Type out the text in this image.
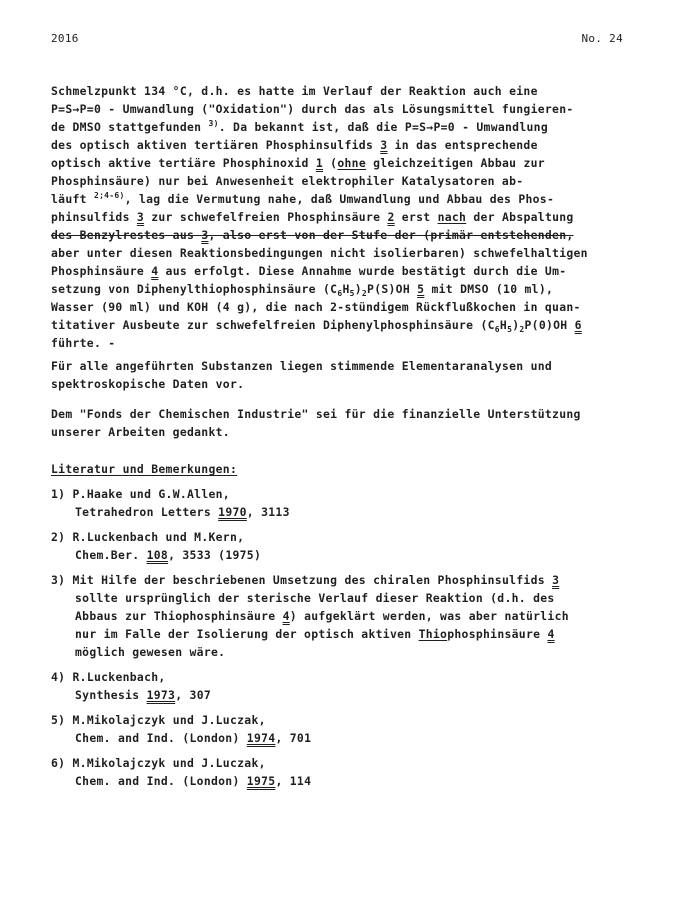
2016	No. 24
Schmelzpunkt 134 °C, d.h. es hatte im Verlauf der Reaktion auch eine
P=S→P=0 - Umwandlung ("Oxidation") durch das als Lösungsmittel fungieren-
de DMSO stattgefunden $^{3)}$. Da bekannt ist, daß die P=S→P=0 - Umwandlung
des optisch aktiven tertiären Phosphinsulfids 3 in das entsprechende
optisch aktive tertiäre Phosphinoxid 1 (ohne gleichzeitigen Abbau zur
Phosphinsäure) nur bei Anwesenheit elektrophiler Katalysatoren ab-
läuft $^{2;4-6)}$, lag die Vermutung nahe, daß Umwandlung und Abbau des Phos-
phinsulfids 3 zur schwefelfreien Phosphinsäure 2 erst nach der Abspaltung
des Benzylrestes aus 3, also erst von der Stufe der (primär entstehenden,
aber unter diesen Reaktionsbedingungen nicht isolierbaren) schwefelhaltigen
Phosphinsäure 4 aus erfolgt. Diese Annahme wurde bestätigt durch die Um-
setzung von Diphenylthiophosphinsäure $(C_6H_5)_2P(S)OH$ 5 mit DMSO (10 ml),
Wasser (90 ml) und KOH (4 g), die nach 2-stündigem Rückflußkochen in quan-
titativer Ausbeute zur schwefelfreien Diphenylphosphinsäure $(C_6H_5)_2P(0)OH$ 6
führte. -
Für alle angeführten Substanzen liegen stimmende Elementaranalysen und
spektroskopische Daten vor.
Dem "Fonds der Chemischen Industrie" sei für die finanzielle Unterstützung
unserer Arbeiten gedankt.
Literatur und Bemerkungen:
1) P.Haake und G.W.Allen,
Tetrahedron Letters 1970, 3113
2) R.Luckenbach und M.Kern,
Chem.Ber. 108, 3533 (1975)
3) Mit Hilfe der beschriebenen Umsetzung des chiralen Phosphinsulfids 3
sollte ursprünglich der sterische Verlauf dieser Reaktion (d.h. des
Abbaus zur Thiophosphinsäure 4) aufgeklärt werden, was aber natürlich
nur im Falle der Isolierung der optisch aktiven Thiophosphinsäure 4
möglich gewesen wäre.
4) R.Luckenbach,
Synthesis 1973, 307
5) M.Mikolajczyk und J.Luczak,
Chem. and Ind. (London) 1974, 701
6) M.Mikolajczyk und J.Luczak,
Chem. and Ind. (London) 1975, 114
